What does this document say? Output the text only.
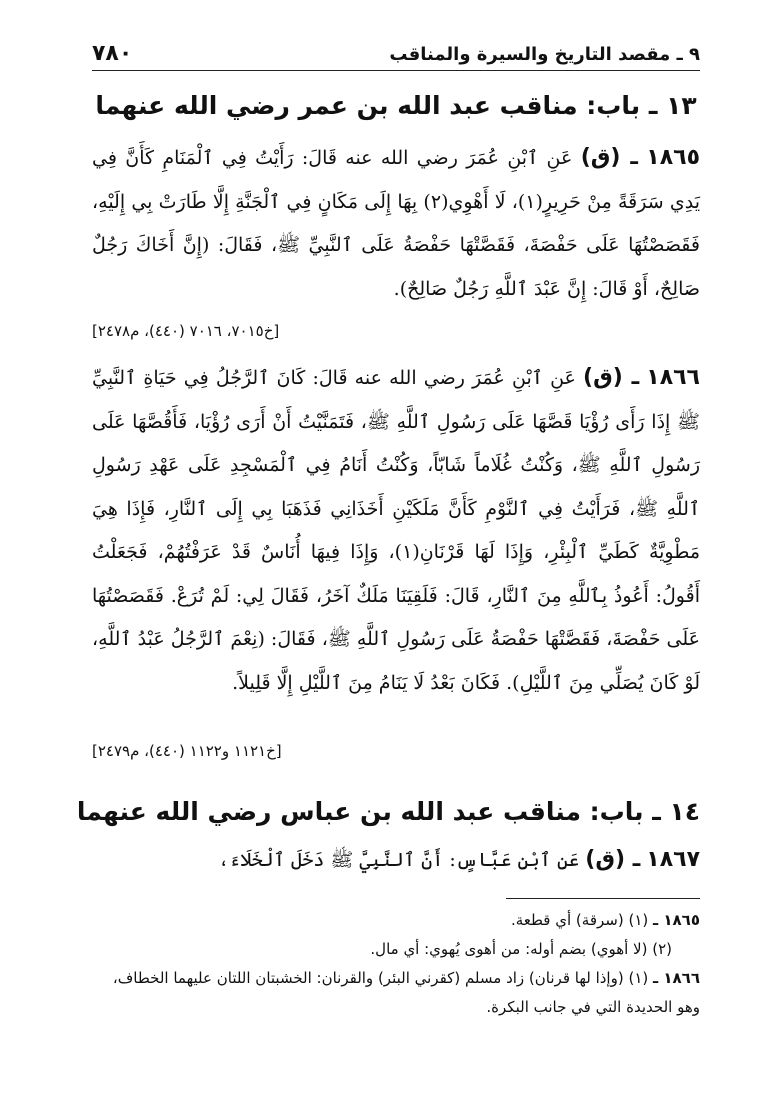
٧٨٠	٩ ـ مقصد التاريخ والسيرة والمناقب
١٣ ـ باب: مناقب عبد الله بن عمر رضي الله عنهما

١٨٦٥ ـ (ق) عَنِ ٱبْنِ عُمَرَ رضي الله عنه قَالَ: رَأَيْتُ فِي ٱلْمَنَامِ كَأَنَّ فِي يَدِي سَرَقَةً مِنْ حَرِيرٍ(١)، لَا أَهْوِي(٢) بِهَا إِلَى مَكَانٍ فِي ٱلْجَنَّةِ إِلَّا طَارَتْ بِي إِلَيْهِ، فَقَصَصْتُهَا عَلَى حَفْصَةَ، فَقَصَّتْهَا حَفْصَةُ عَلَى ٱلنَّبِيِّ ﷺ، فَقَالَ: (إِنَّ أَخَاكَ رَجُلٌ صَالِحٌ، أَوْ قَالَ: إِنَّ عَبْدَ ٱللَّهِ رَجُلٌ صَالِحٌ).

[خ٧٠١٥، ٧٠١٦ (٤٤٠)، م٢٤٧٨]

١٨٦٦ ـ (ق) عَنِ ٱبْنِ عُمَرَ رضي الله عنه قَالَ: كَانَ ٱلرَّجُلُ فِي حَيَاةِ ٱلنَّبِيِّ ﷺ إِذَا رَأَى رُؤْيَا قَصَّهَا عَلَى رَسُولِ ٱللَّهِ ﷺ، فَتَمَنَّيْتُ أَنْ أَرَى رُؤْيَا، فَأَقُصَّهَا عَلَى رَسُولِ ٱللَّهِ ﷺ، وَكُنْتُ غُلَاماً شَابّاً، وَكُنْتُ أَنَامُ فِي ٱلْمَسْجِدِ عَلَى عَهْدِ رَسُولِ ٱللَّهِ ﷺ، فَرَأَيْتُ فِي ٱلنَّوْمِ كَأَنَّ مَلَكَيْنِ أَخَذَانِي فَذَهَبَا بِي إِلَى ٱلنَّارِ، فَإِذَا هِيَ مَطْوِيَّةٌ كَطَيِّ ٱلْبِئْرِ، وَإِذَا لَهَا قَرْنَانِ(١)، وَإِذَا فِيهَا أُنَاسٌ قَدْ عَرَفْتُهُمْ، فَجَعَلْتُ أَقُولُ: أَعُوذُ بِٱللَّهِ مِنَ ٱلنَّارِ، قَالَ: فَلَقِيَنَا مَلَكٌ آخَرُ، فَقَالَ لِي: لَمْ تُرَعْ. فَقَصَصْتُهَا عَلَى حَفْصَةَ، فَقَصَّتْهَا حَفْصَةُ عَلَى رَسُولِ ٱللَّهِ ﷺ، فَقَالَ: (نِعْمَ ٱلرَّجُلُ عَبْدُ ٱللَّهِ، لَوْ كَانَ يُصَلِّي مِنَ ٱللَّيْلِ). فَكَانَ بَعْدُ لَا يَنَامُ مِنَ ٱللَّيْلِ إِلَّا قَلِيلاً.

[خ١١٢١ و١١٢٢ (٤٤٠)، م٢٤٧٩]
١٤ ـ باب: مناقب عبد الله بن عباس رضي الله عنهما

١٨٦٧ ـ (ق) عَنِ ٱبْنِ عَبَّاسٍ: أَنَّ ٱلنَّبِيَّ ﷺ دَخَلَ ٱلْخَلَاءَ،

١٨٦٥ ـ (١) (سرقة) أي قطعة.

(٢) (لا أهوي) بضم أوله: من أهوى يُهوي: أي مال.

١٨٦٦ ـ (١) (وإذا لها قرنان) زاد مسلم (كقرني البئر) والقرنان: الخشبتان اللتان عليهما الخطاف، وهو الحديدة التي في جانب البكرة.
